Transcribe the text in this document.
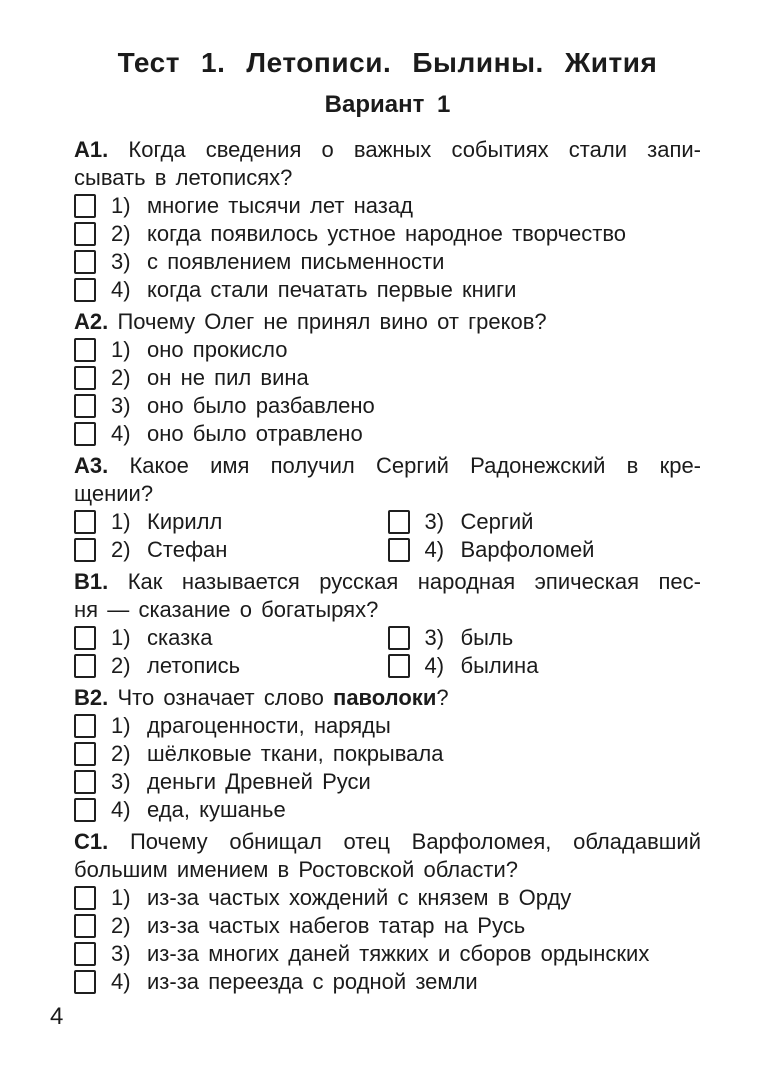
Тест 1. Летописи. Былины. Жития
Вариант 1

А1. Когда сведения о важных событиях стали запи-
сывать в летописях?

1) многие тысячи лет назад
2) когда появилось устное народное творчество
3) с появлением письменности
4) когда стали печатать первые книги

А2. Почему Олег не принял вино от греков?

1) оно прокисло
2) он не пил вина
3) оно было разбавлено
4) оно было отравлено

А3. Какое имя получил Сергий Радонежский в кре-
щении?

1) Кирилл
2) Стефан
3) Сергий
4) Варфоломей

В1. Как называется русская народная эпическая пес-
ня — сказание о богатырях?

1) сказка
2) летопись
3) быль
4) былина

В2. Что означает слово паволоки?

1) драгоценности, наряды
2) шёлковые ткани, покрывала
3) деньги Древней Руси
4) еда, кушанье

С1. Почему обнищал отец Варфоломея, обладавший
большим имением в Ростовской области?

1) из-за частых хождений с князем в Орду
2) из-за частых набегов татар на Русь
3) из-за многих даней тяжких и сборов ордынских
4) из-за переезда с родной земли
4
